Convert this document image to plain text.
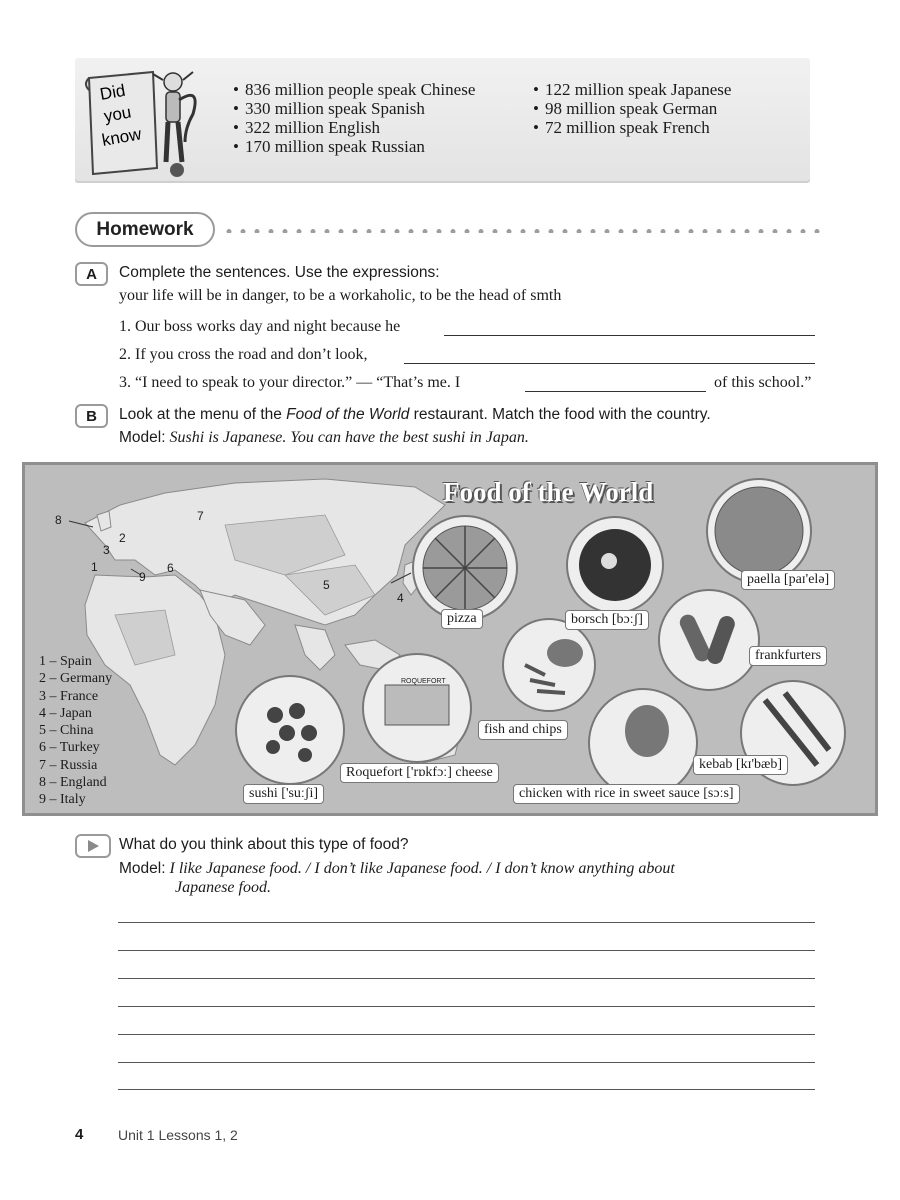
Did
you
know
• 836 million people speak Chinese
• 330 million speak Spanish
• 322 million English
• 170 million speak Russian
• 122 million speak Japanese
• 98 million speak German
• 72 million speak French
Homework
A	Complete the sentences. Use the expressions:
your life will be in danger, to be a workaholic, to be the head of smth
1. Our boss works day and night because he
2. If you cross the road and don’t look,
3. “I need to speak to your director.” — “That’s me. I	of this school.”
B	Look at the menu of the Food of the World restaurant. Match the food with the country.
Model: Sushi is Japanese. You can have the best sushi in Japan.
ROQUEFORT
Food of the World
8
2
3
1
9
6
7
5
4
1 – Spain
2 – Germany
3 – France
4 – Japan
5 – China
6 – Turkey
7 – Russia
8 – England
9 – Italy
pizza	borsch [bɔːʃ]
paella [paɪ'elə]
frankfurters
fish and chips
Roquefort ['rɒkfɔː] cheese
sushi ['suːʃi]	chicken with rice in sweet sauce [sɔːs]
kebab [kɪ'bæb]
What do you think about this type of food?
Model: I like Japanese food. / I don’t like Japanese food. / I don’t know anything about
Japanese food.
4 Unit 1 Lessons 1, 2
